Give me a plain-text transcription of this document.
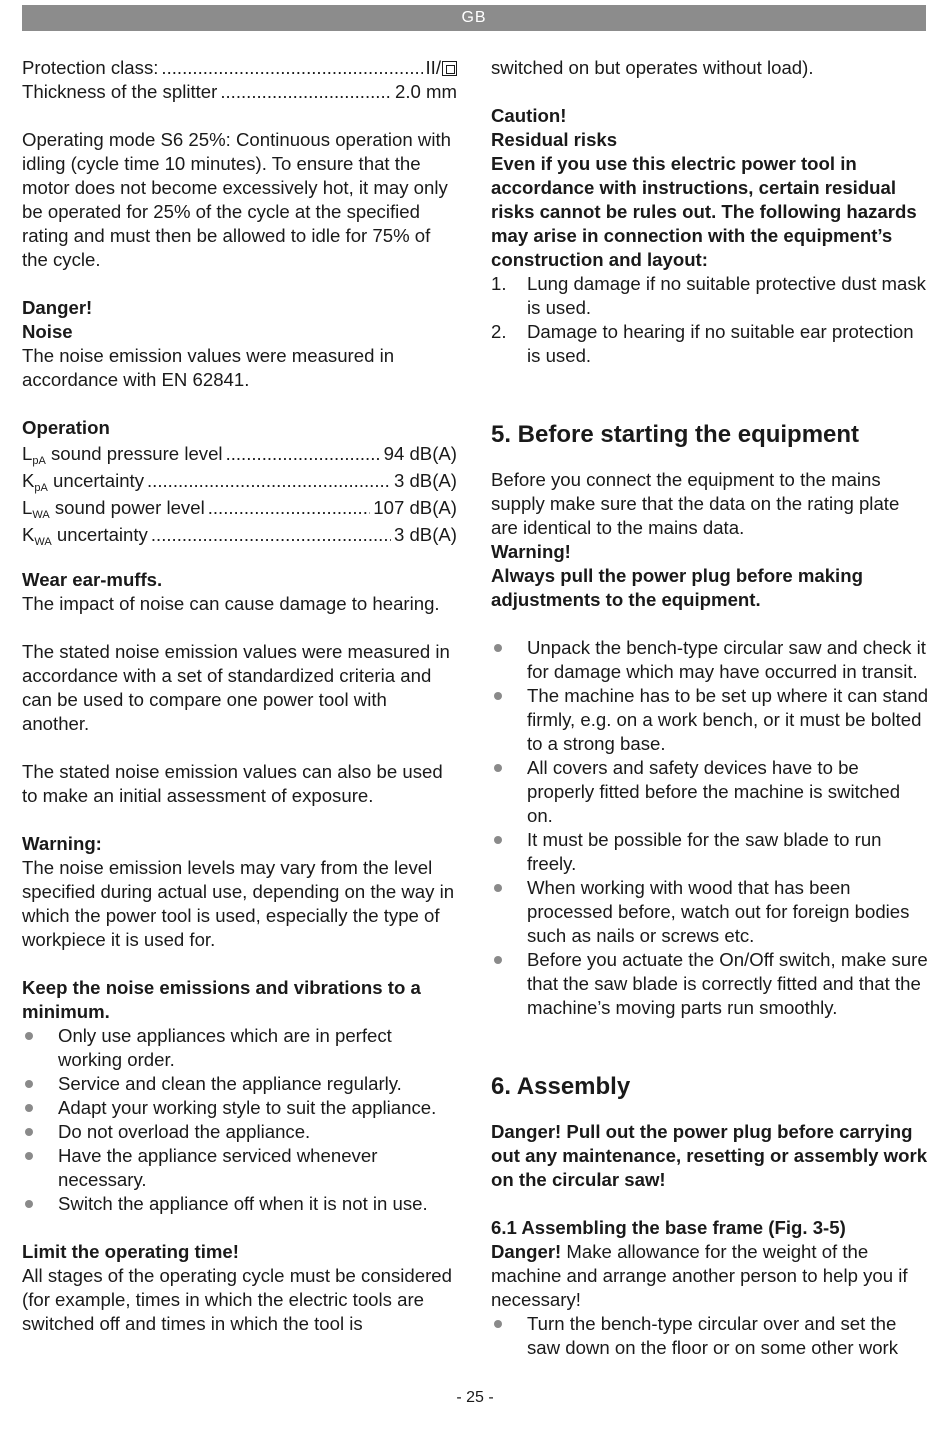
GB
Protection class: .....	II/
Thickness of the splitter .....	2.0 mm

Operating mode S6 25%: Continuous operation with idling (cycle time 10 minutes). To ensure that the motor does not become excessively hot, it may only be operated for 25% of the cycle at the specified rating and must then be allowed to idle for 75% of the cycle.

Danger!

Noise

The noise emission values were measured in accordance with EN 62841.

Operation

$L_{pA}$ sound pressure level .....	94 dB(A)
$K_{pA}$ uncertainty .....	3 dB(A)
$L_{WA}$ sound power level .....	107 dB(A)
$K_{WA}$ uncertainty .....	3 dB(A)

Wear ear-muffs.

The impact of noise can cause damage to hearing.

The stated noise emission values were measured in accordance with a set of standardized criteria and can be used to compare one power tool with another.

The stated noise emission values can also be used to make an initial assessment of exposure.

Warning:

The noise emission levels may vary from the level specified during actual use, depending on the way in which the power tool is used, especially the type of workpiece it is used for.

Keep the noise emissions and vibrations to a minimum.

Only use appliances which are in perfect working order.
Service and clean the appliance regularly.
Adapt your working style to suit the appliance.
Do not overload the appliance.
Have the appliance serviced whenever necessary.
Switch the appliance off when it is not in use.

Limit the operating time!

All stages of the operating cycle must be considered (for example, times in which the electric tools are switched off and times in which the tool is

switched on but operates without load).

Caution!

Residual risks

Even if you use this electric power tool in accordance with instructions, certain residual risks cannot be rules out. The following hazards may arise in connection with the equipment’s construction and layout:

1. Lung damage if no suitable protective dust mask is used.
2. Damage to hearing if no suitable ear protection is used.
5. Before starting the equipment

Before you connect the equipment to the mains supply make sure that the data on the rating plate are identical to the mains data.

Warning!

Always pull the power plug before making adjustments to the equipment.

Unpack the bench-type circular saw and check it for damage which may have occurred in transit.
The machine has to be set up where it can stand firmly, e.g. on a work bench, or it must be bolted to a strong base.
All covers and safety devices have to be properly fitted before the machine is switched on.
It must be possible for the saw blade to run freely.
When working with wood that has been processed before, watch out for foreign bodies such as nails or screws etc.
Before you actuate the On/Off switch, make sure that the saw blade is correctly fitted and that the machine’s moving parts run smoothly.
6. Assembly

Danger! Pull out the power plug before carrying out any maintenance, resetting or assembly work on the circular saw!

6.1 Assembling the base frame (Fig. 3-5)

Danger! Make allowance for the weight of the machine and arrange another person to help you if necessary!

Turn the bench-type circular over and set the saw down on the floor or on some other work
- 25 -
